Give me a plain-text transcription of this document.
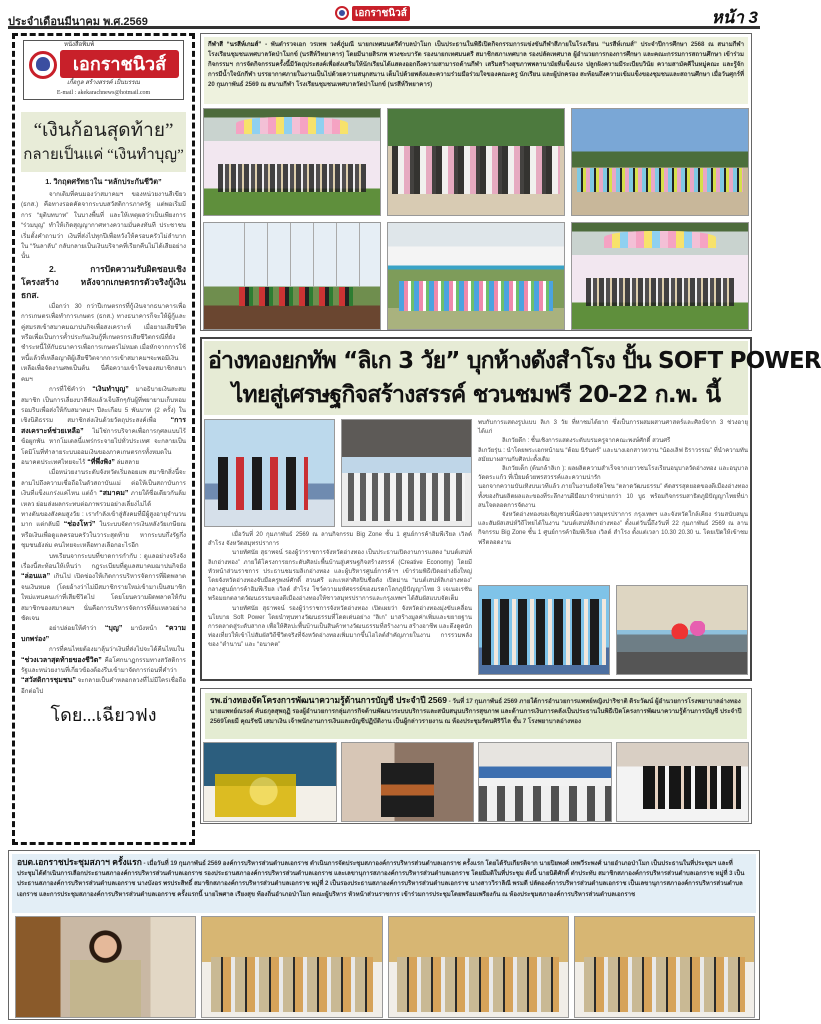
ประจำเดือนมีนาคม พ.ศ.2569
เอกราชนิวส์	หน้า 3
หนังสือพิมพ์
เอกราชนิวส์
เกื้อกูล สร้างสรรค์ เป็นบรรณ
E-mail : akekarachnews@hotmail.com
“เงินก้อนสุดท้าย”
กลายเป็นแค่ “เงินทำบุญ”
1. วิกฤตศรัทธาใน “หลักประกันชีวิต”

จากเดิมที่คนมองว่าสมาคมฯ ของหน่วยงานสีเขียว (ธกส.) คือทางรอดคัดจากระบบสวัสดิการภาครัฐ แต่พอเริ่มมีการ “ยุติบทบาท” ในบางพื้นที่ และให้เหตุผลว่าเป็นเพียงการ “ร่วมบุญ” ทำให้เกิดสุญญากาศทางความมั่นคงทันที ประชาชนเริ่มตั้งคำถามว่า เงินที่ส่งไปทุกปีเพื่อหวังให้ครอบครัวไม่ลำบากใน “วันลาลับ” กลับกลายเป็นเงินบริจาคที่เรียกคืนไม่ได้เสียอย่างนั้น

2. การปัดความรับผิดชอบเชิงโครงสร้าง หลังจากเกษตรกรตัวจริงกู้เงิน ธกส.

เมื่อกว่า 30 กว่าปีเกษตรกรที่กู้เงินจากธนาคารเพื่อการเกษตรเพื่อทำการเกษตร (ธกส.) ทางธนาคารก็จะให้ผู้กู้และคู่สมรสเข้าสมาคมฌาปนกิจเพื่อสงเคราะห์ เมื่อยามเสียชีวิตหรือเพื่อเป็นการค้ำประกันเงินกู้ที่เกษตรกรเสียชีวิตกรณีที่ยังชำระหนี้ให้กับธนาคารเพื่อการเกษตรไม่หมด เมื่อหักจากการใช้หนี้แล้วที่เหลือญาติผู้เสียชีวิตจากการเข้าสมาคมฯจะพอมีเงินเหลือเพื่อจัดงานศพเป็นต้น นี่คือความเข้าใจของสมาชิกสมาคมฯ

การที่ใช้คำว่า “เงินทำบุญ” มาอธิบายเงินสะสมสมาชิก เป็นการเลี่ยงบาลีฟังแล้วเจ็บลึกๆกับผู้ที่พยายามเก็บหอมรอมริบเพื่อส่งให้กับสมาคมฯ ปีละเกือบ 5 พันบาท (2 ครั้ง) ในเชิงนิติธรรม สมาชิกส่งเงินด้วยวัตถุประสงค์เพื่อ “การสงเคราะห์ช่วยเหลือ” ไม่ใช่การบริจาคเพื่อการกุศลแบบไร้ข้อผูกพัน หากโมเดลนี้แพร่กระจายไปทั่วประเทศ จะกลายเป็นโดมิโนที่ทำลายระบบออมเงินของภาคเกษตรกรทั้งหมดในอนาคตประเทศไทยจะไร้ “ที่พึ่งพิง” ล่มสลาย

เมื่อหน่วยงานระดับจังหวัดเริ่มลอยแพ สมาชิกสิ่งนี้จะลามไปถึงความเชื่อถือในตัวสถาบันแม่ ต่อให้เป็นสถาบันการเงินที่แข็งแกร่งแค่ไหน แต่ถ้า “สมาคม” ภายใต้ชื่อเดียวกันล้มเหลว ย่อมส่งผลกระทบต่อภาพรวมอย่างเลี่ยงไม่ได้

ทางตันของสังคมสูงวัย : เรากำลังเข้าสู่สังคมที่มีผู้สูงอายุจำนวนมาก แต่กลับมี “ช่องโหว่” ในระบบจัดการเงินหลังวัยเกษียณหรือเงินเพื่อดูแลครอบครัวในวาระสุดท้าย หากระบบกึ่งรัฐกึ่งชุมชนยังล่ม คนไทยจะเหลือทางเลือกอะไรอีก

บทเรียนจากระบบที่ขาดการกำกับ : ดูแลอย่างจริงจัง เรื่องนี้สะท้อนให้เห็นว่า กฎระเบียบที่ดูแลสมาคมฌาปนกิจยัง “ล่อนแล” เกินไป เปิดช่องให้เกิดการบริหารจัดการที่ผิดพลาดจนเงินหมด (โดยอ้างว่าไม่มีสมาชิกรายใหม่เข้ามาเป็นสมาชิกใหม่แทนคนเก่าที่เสียชีวิตไป โดยโยนความผิดพลาดให้กับสมาชิกของสมาคมฯ นั่นคือการบริหารจัดการที่ล้มเหลวอย่างชัดเจน

อย่าปล่อยให้คำว่า “บุญ” มาบังหน้า “ความบกพร่อง”

การที่คนไทยต้องมาลุ้นว่าเงินที่ส่งไปจะได้คืนไหมใน “ช่วงเวลาสุดท้ายของชีวิต” คือโศกนาฏกรรมทางสวัสดิการ รัฐและหน่วยงานที่เกี่ยวข้องต้องรีบเข้ามาจัดการก่อนที่คำว่า “สวัสดิการชุมชน” จะกลายเป็นคำหลอกลวงที่ไม่มีใครเชื่อถืออีกต่อไป

โดย...เฉียวฟง
กีฬาสี “นรสีห์เกมส์” - พันตำรวจเอก วรเทพ วงศ์ภู่มณี นายกเทศมนตรีตำบลป่าโมก เป็นประธานในพิธีเปิดกิจกรรมการแข่งขันกีฬาสีภายในโรงเรียน “นรสีห์เกมส์” ประจำปีการศึกษา 2568 ณ สนามกีฬา โรงเรียนชุมชนเทศบาลวัดป่าโมกข์ (นรสีห์วิทยาคาร) โดยมีนายสิรภพ พวงชะบารัต รองนายกเทศมนตรี สมาชิกสภาเทศบาล รองปลัดเทศบาล ผู้อำนวยการกองการศึกษา และคณะกรรมการสถานศึกษา เข้าร่วมกิจกรรมฯ การจัดกิจกรรมครั้งนี้มีวัตถุประสงค์เพื่อส่งเสริมให้นักเรียนได้แสดงออกถึงความสามารถด้านกีฬา เสริมสร้างสุขภาพพลานามัยที่แข็งแรง ปลูกฝังความมีระเบียบวินัย ความสามัคคีในหมู่คณะ และรู้จักการมีน้ำใจนักกีฬา บรรยากาศภายในงานเป็นไปด้วยความสนุกสนาน เต็มไปด้วยพลังและความร่วมมือร่วมใจของคณะครู นักเรียน และผู้ปกครอง สะท้อนถึงความเข้มแข็งของชุมชนและสถานศึกษา เมื่อวันศุกร์ที่ 20 กุมภาพันธ์ 2569 ณ สนามกีฬา โรงเรียนชุมชนเทศบาลวัดป่าโมกข์ (นรสีห์วิทยาคาร)
อ่างทองยกทัพ “ลิเก 3 วัย” บุกห้างดังสำโรง ปั้น SOFT POWER
ไทยสู่เศรษฐกิจสร้างสรรค์ ชวนชมฟรี 20-22 ก.พ. นี้

เมื่อวันที่ 20 กุมภาพันธ์ 2569 ณ ลานกิจกรรม Big Zone ชั้น 1 ศูนย์การค้าอิมพีเรียล เวิลด์ สำโรง จังหวัดสมุทรปราการ

นายทัศนัย สุธาพจน์ รองผู้ว่าราชการจังหวัดอ่างทอง เป็นประธานเปิดงานการแสดง “มนต์เสน่ห์ลิเกอ่างทอง” ภายใต้โครงการยกระดับศิลปะพื้นบ้านสู่เศรษฐกิจสร้างสรรค์ (Creative Economy) โดยมีหัวหน้าส่วนราชการ ประธานชมรมลิเกอ่างทอง และผู้บริหารศูนย์การค้าฯ เข้าร่วมพิธีเปิดอย่างยิ่งใหญ่ โดยจังหวัดอ่างทองจับมือครูพงษ์ศักดิ์ สวนศรี และเหล่าศิลปินชื่อดัง เปิดม่าน “มนต์เสน่ห์ลิเกอ่างทอง” กลางศูนย์การค้าอิมพีเรียล เวิลด์ สำโรง โชว์ความมหัศจรรย์ของมรดกโลกภูมิปัญญาไทย 3 เจเนอเรชัน พร้อมยกตลาดวัฒนธรรมของดีเมืองอ่างทองให้ชาวสมุทรปราการและกรุงเทพฯ ได้สัมผัสแบบจัดเต็ม

นายทัศนัย สุธาพจน์ รองผู้ว่าราชการจังหวัดอ่างทอง เปิดเผยว่า จังหวัดอ่างทองมุ่งขับเคลื่อนนโยบาย Soft Power โดยนำทุนทางวัฒนธรรมที่โดดเด่นอย่าง “ลิเก” มาสร้างมูลค่าเพิ่มและขยายฐานการตลาดสู่ระดับสากล เพื่อให้ศิลปะพื้นบ้านเป็นสินค้าทางวัฒนธรรมที่สร้างงาน สร้างอาชีพ และดึงดูดนักท่องเที่ยวให้เข้าไปสัมผัสวิถีชีวิตจริงที่จังหวัดอ่างทองเพิ่มมากขึ้นไฮไลต์สำคัญภายในงาน การรวมพลังของ “ตำนาน” และ “อนาคต”

พบกับการแสดงรูปแบบ ลิเก 3 วัย ที่หาชมได้ยาก ซึ่งเป็นการผสมผสานศาสตร์และศิลป์จาก 3 ช่วงอายุ ได้แก่

ลิเกวัยดึก : ชั้นเชิงการแสดงระดับบรมครูจากคณะพงษ์ศักดิ์ สวนศรี

ลิเกวัยรุ่น : นำโดยพระเอกหน้ามน “ต้อม นิรันดร์” และนางเอกสาวหวาน “น้องเลิฟ ธิราวรรณ” ที่นำความทันสมัยมาผสานกับศิลปะดั้งเดิม

ลิเกวัยเด็ก (ต้นกล้าลิเก ): ผลผลิตความสำเร็จจากเยาวชนโรงเรียนอนุบาลวัดอ่างทอง และอนุบาลวัดตระแก้ว ที่เปี่ยมด้วยพรสวรรค์และความน่ารัก

นอกจากความบันเทิงบนเวทีแล้ว ภายในงานยังจัดโซน “ตลาดวัฒนธรรม” คัดสรรสุดยอดของดีเมืองอ่างทอง ทั้งของกินผลิตผลและของที่ระลึกงานฝีมือมาจำหน่ายกว่า 10 บูธ พร้อมกิจกรรมสาธิตภูมิปัญญาไทยที่น่าสนใจตลอดการจัดงาน

จังหวัดอ่างทองขอเชิญชวนพี่น้องชาวสมุทรปราการ กรุงเทพฯ และจังหวัดใกล้เคียง ร่วมสนับสนุนและสัมผัสเสน่ห์วิถีไทยได้ในงาน “มนต์เสน่ห์ลิเกอ่างทอง” ตั้งแต่วันนี้ถึงวันที่ 22 กุมภาพันธ์ 2569 ณ ลานกิจกรรม Big Zone ชั้น 1 ศูนย์การค้าอิมพีเรียล เวิลด์ สำโรง ตั้งแต่เวลา 10.30 20.30 น. โดยเปิดให้เข้าชมฟรีตลอดงาน

รพ.อ่างทองจัดโครงการพัฒนาความรู้ด้านการบัญชี ประจำปี 2569 - วันที่ 17 กุมภาพันธ์ 2569 ภายใต้การอำนวยการแพทย์หญิงปาริชาติ ดิระวัฒน์ ผู้อำนวยการโรงพยาบาลอ่างทอง นายแพทย์ณรงค์ คันธกุลสุพฤฏิ รองผู้อำนวยการกลุ่มภารกิจด้านพัฒนาระบบบริการและสนับสนุนบริการสุขภาพ และด้านการเงินการคลังเป็นประธานในพิธีเปิดโครงการพัฒนาความรู้ด้านการบัญชี ประจำปี 2569โดยมี คุณรัชนี เสมาเงิน เจ้าพนักงานการเงินและบัญชีปฏิบัติงาน เป็นผู้กล่าวรายงาน ณ ห้องประชุมรัตนศิริวิไล ชั้น 7 โรงพยาบาลอ่างทอง
อบต.เอกราชประชุมสภาฯ ครั้งแรก - เมื่อวันที่ 19 กุมภาพันธ์ 2569 องค์การบริหารส่วนตำบลเอกราช ดำเนินการจัดประชุมสภาองค์การบริหารส่วนตำบลเอกราช ครั้งแรก โดยได้รับเกียรติจาก นายปิยพงศ์ เทพวีระพงศ์ นายอำเภอป่าโมก เป็นประธานในที่ประชุมฯ และที่ประชุมได้ดำเนินการเลือกประธานสภาองค์การบริหารส่วนตำบลเอกราช รองประธานสภาองค์การบริหารส่วนตำบลเอกราช และเลขานุการสภาองค์การบริหารส่วนตำบลเอกราช โดยมีมติในที่ประชุม ดังนี้ นายนิติศักดิ์ ดำประทับ สมาชิกสภาองค์การบริหารส่วนตำบลเอกราช หมู่ที่ 3 เป็นประธานสภาองค์การบริหารส่วนตำบลเอกราช นางบังอร พรประสิทธิ์ สมาชิกสภาองค์การบริหารส่วนตำบลเอกราช หมู่ที่ 2 เป็นรองประธานสภาองค์การบริหารส่วนตำบลเอกราช นางสาววิราลิณี พรมดี ปลัดองค์การบริหารส่วนตำบลเอกราช เป็นเลขานุการสภาองค์การบริหารส่วนตำบลเอกราช และการประชุมสภาองค์การบริหารส่วนตำบลเอกราช ครั้งแรกนี้ นายไพศาล เรียงสุข ท้องถิ่นอำเภอป่าโมก คณะผู้บริหาร หัวหน้าส่วนราชการ เข้าร่วมการประชุมโดยพร้อมเพรียงกัน ณ ห้องประชุมสภาองค์การบริหารส่วนตำบลเอกราช
